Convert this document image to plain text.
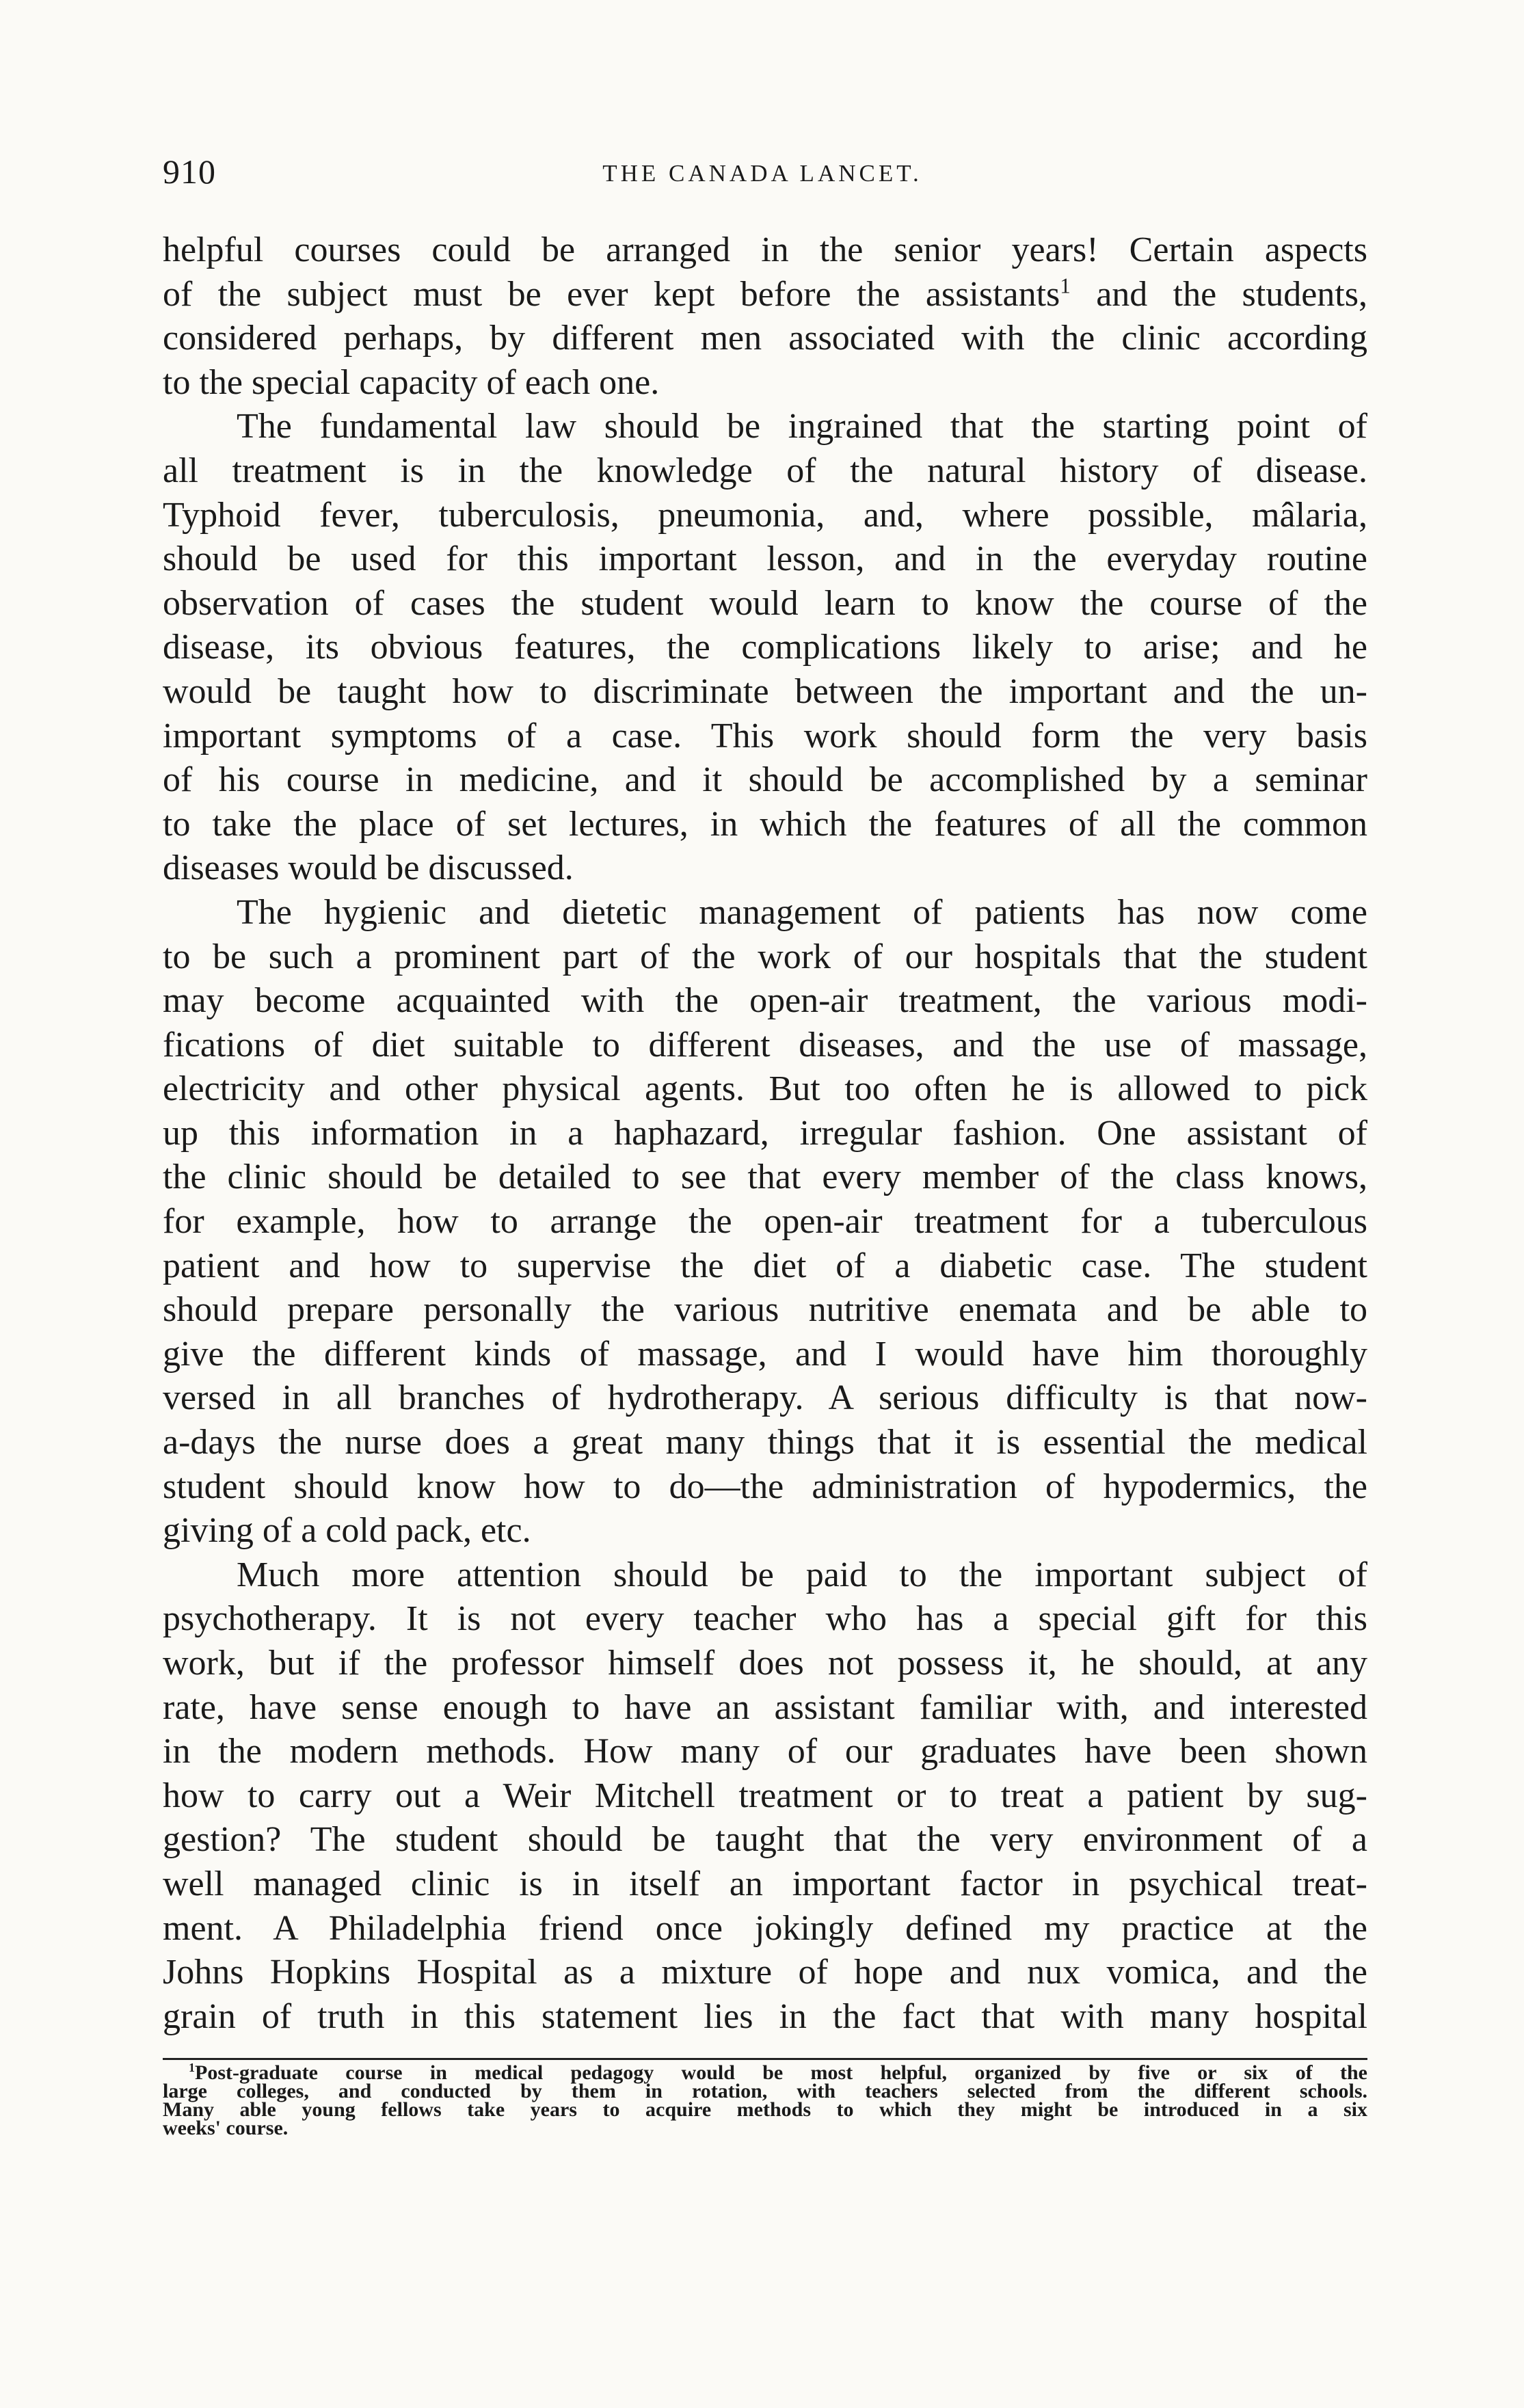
910	THE CANADA LANCET.
helpful courses could be arranged in the senior years! Certain aspects
of the subject must be ever kept before the assistants$^1$ and the students,
considered perhaps, by different men associated with the clinic according
to the special capacity of each one.
The fundamental law should be ingrained that the starting point of
all treatment is in the knowledge of the natural history of disease.
Typhoid fever, tuberculosis, pneumonia, and, where possible, mâlaria,
should be used for this important lesson, and in the everyday routine
observation of cases the student would learn to know the course of the
disease, its obvious features, the complications likely to arise; and he
would be taught how to discriminate between the important and the un-
important symptoms of a case. This work should form the very basis
of his course in medicine, and it should be accomplished by a seminar
to take the place of set lectures, in which the features of all the common
diseases would be discussed.
The hygienic and dietetic management of patients has now come
to be such a prominent part of the work of our hospitals that the student
may become acquainted with the open-air treatment, the various modi-
fications of diet suitable to different diseases, and the use of massage,
electricity and other physical agents. But too often he is allowed to pick
up this information in a haphazard, irregular fashion. One assistant of
the clinic should be detailed to see that every member of the class knows,
for example, how to arrange the open-air treatment for a tuberculous
patient and how to supervise the diet of a diabetic case. The student
should prepare personally the various nutritive enemata and be able to
give the different kinds of massage, and I would have him thoroughly
versed in all branches of hydrotherapy. A serious difficulty is that now-
a-days the nurse does a great many things that it is essential the medical
student should know how to do—the administration of hypodermics, the
giving of a cold pack, etc.
Much more attention should be paid to the important subject of
psychotherapy. It is not every teacher who has a special gift for this
work, but if the professor himself does not possess it, he should, at any
rate, have sense enough to have an assistant familiar with, and interested
in the modern methods. How many of our graduates have been shown
how to carry out a Weir Mitchell treatment or to treat a patient by sug-
gestion? The student should be taught that the very environment of a
well managed clinic is in itself an important factor in psychical treat-
ment. A Philadelphia friend once jokingly defined my practice at the
Johns Hopkins Hospital as a mixture of hope and nux vomica, and the
grain of truth in this statement lies in the fact that with many hospital
$^1$Post-graduate course in medical pedagogy would be most helpful, organized by five or six of the
large colleges, and conducted by them in rotation, with teachers selected from the different schools.
Many able young fellows take years to acquire methods to which they might be introduced in a six
weeks' course.
